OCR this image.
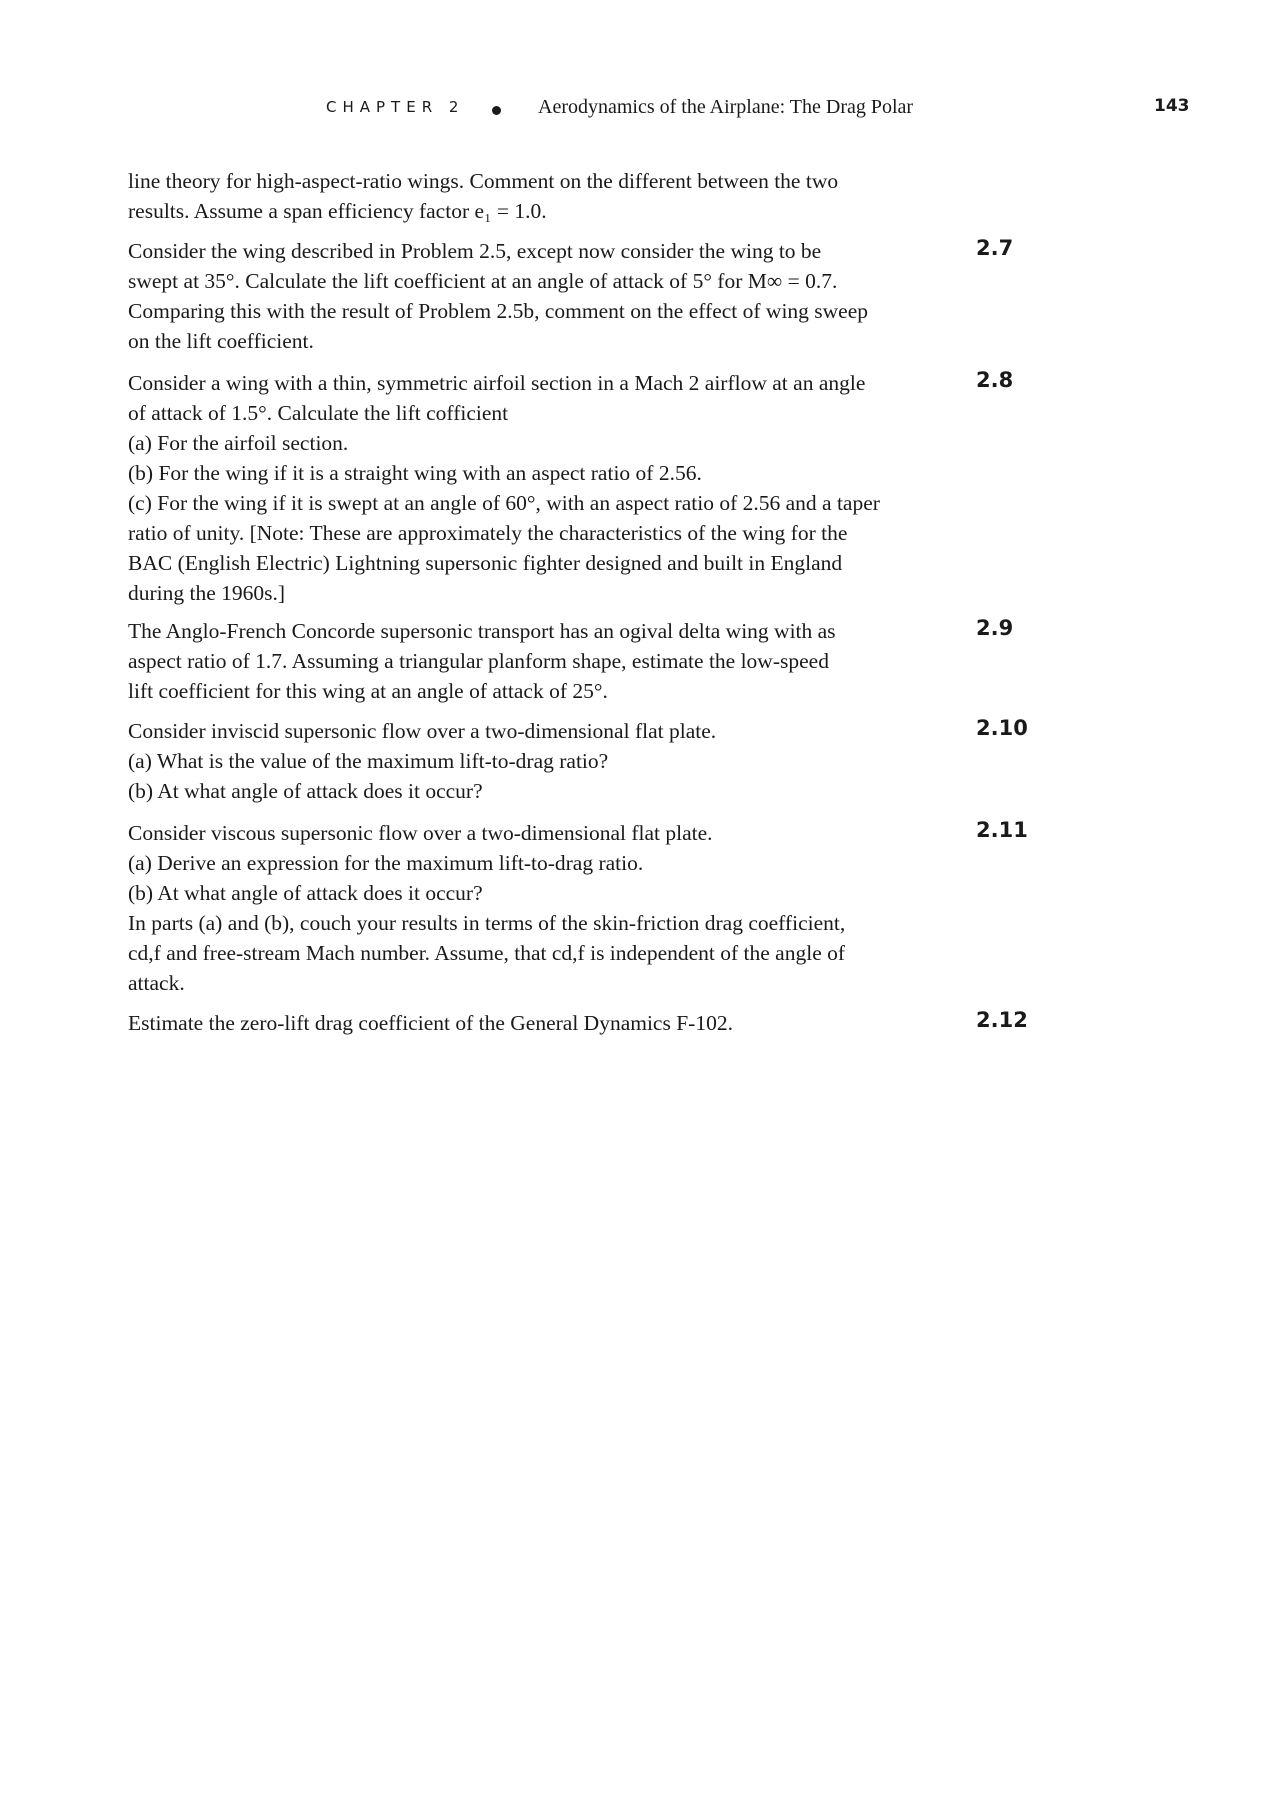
CHAPTER 2	Aerodynamics of the Airplane: The Drag Polar	143

line theory for high-aspect-ratio wings. Comment on the different between the two

results. Assume a span efficiency factor e₁ = 1.0.

2.7

Consider the wing described in Problem 2.5, except now consider the wing to be

swept at 35°. Calculate the lift coefficient at an angle of attack of 5° for M∞ = 0.7.

Comparing this with the result of Problem 2.5b, comment on the effect of wing sweep

on the lift coefficient.

2.8

Consider a wing with a thin, symmetric airfoil section in a Mach 2 airflow at an angle

of attack of 1.5°. Calculate the lift cofficient

(a) For the airfoil section.

(b) For the wing if it is a straight wing with an aspect ratio of 2.56.

(c) For the wing if it is swept at an angle of 60°, with an aspect ratio of 2.56 and a taper

ratio of unity. [Note: These are approximately the characteristics of the wing for the

BAC (English Electric) Lightning supersonic fighter designed and built in England

during the 1960s.]

2.9

The Anglo-French Concorde supersonic transport has an ogival delta wing with as

aspect ratio of 1.7. Assuming a triangular planform shape, estimate the low-speed

lift coefficient for this wing at an angle of attack of 25°.

2.10

Consider inviscid supersonic flow over a two-dimensional flat plate.

(a) What is the value of the maximum lift-to-drag ratio?

(b) At what angle of attack does it occur?

2.11

Consider viscous supersonic flow over a two-dimensional flat plate.

(a) Derive an expression for the maximum lift-to-drag ratio.

(b) At what angle of attack does it occur?

In parts (a) and (b), couch your results in terms of the skin-friction drag coefficient,

cd,f and free-stream Mach number. Assume, that cd,f is independent of the angle of

attack.

2.12

Estimate the zero-lift drag coefficient of the General Dynamics F-102.
